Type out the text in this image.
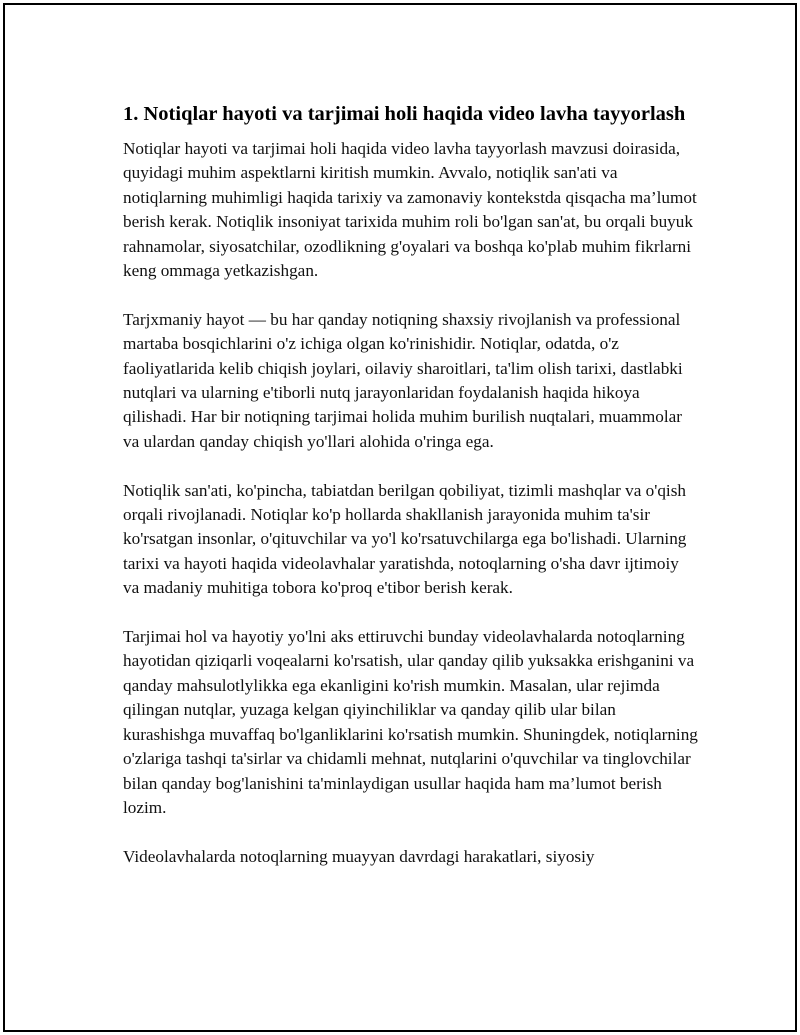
1. Notiqlar hayoti va tarjimai holi haqida video lavha tayyorlash

Notiqlar hayoti va tarjimai holi haqida video lavha tayyorlash mavzusi doirasida, quyidagi muhim aspektlarni kiritish mumkin. Avvalo, notiqlik san'ati va notiqlarning muhimligi haqida tarixiy va zamonaviy kontekstda qisqacha ma’lumot berish kerak. Notiqlik insoniyat tarixida muhim roli bo'lgan san'at, bu orqali buyuk rahnamolar, siyosatchilar, ozodlikning g'oyalari va boshqa ko'plab muhim fikrlarni keng ommaga yetkazishgan.

Tarjxmaniy hayot — bu har qanday notiqning shaxsiy rivojlanish va professional martaba bosqichlarini o'z ichiga olgan ko'rinishidir. Notiqlar, odatda, o'z faoliyatlarida kelib chiqish joylari, oilaviy sharoitlari, ta'lim olish tarixi, dastlabki nutqlari va ularning e'tiborli nutq jarayonlaridan foydalanish haqida hikoya qilishadi. Har bir notiqning tarjimai holida muhim burilish nuqtalari, muammolar va ulardan qanday chiqish yo'llari alohida o'ringa ega.

Notiqlik san'ati, ko'pincha, tabiatdan berilgan qobiliyat, tizimli mashqlar va o'qish orqali rivojlanadi. Notiqlar ko'p hollarda shakllanish jarayonida muhim ta'sir ko'rsatgan insonlar, o'qituvchilar va yo'l ko'rsatuvchilarga ega bo'lishadi. Ularning tarixi va hayoti haqida videolavhalar yaratishda, notoqlarning o'sha davr ijtimoiy va madaniy muhitiga tobora ko'proq e'tibor berish kerak.

Tarjimai hol va hayotiy yo'lni aks ettiruvchi bunday videolavhalarda notoqlarning hayotidan qiziqarli voqealarni ko'rsatish, ular qanday qilib yuksakka erishganini va qanday mahsulotlylikka ega ekanligini ko'rish mumkin. Masalan, ular rejimda qilingan nutqlar, yuzaga kelgan qiyinchiliklar va qanday qilib ular bilan kurashishga muvaffaq bo'lganliklarini ko'rsatish mumkin. Shuningdek, notiqlarning o'zlariga tashqi ta'sirlar va chidamli mehnat, nutqlarini o'quvchilar va tinglovchilar bilan qanday bog'lanishini ta'minlaydigan usullar haqida ham ma’lumot berish lozim.

Videolavhalarda notoqlarning muayyan davrdagi harakatlari, siyosiy
